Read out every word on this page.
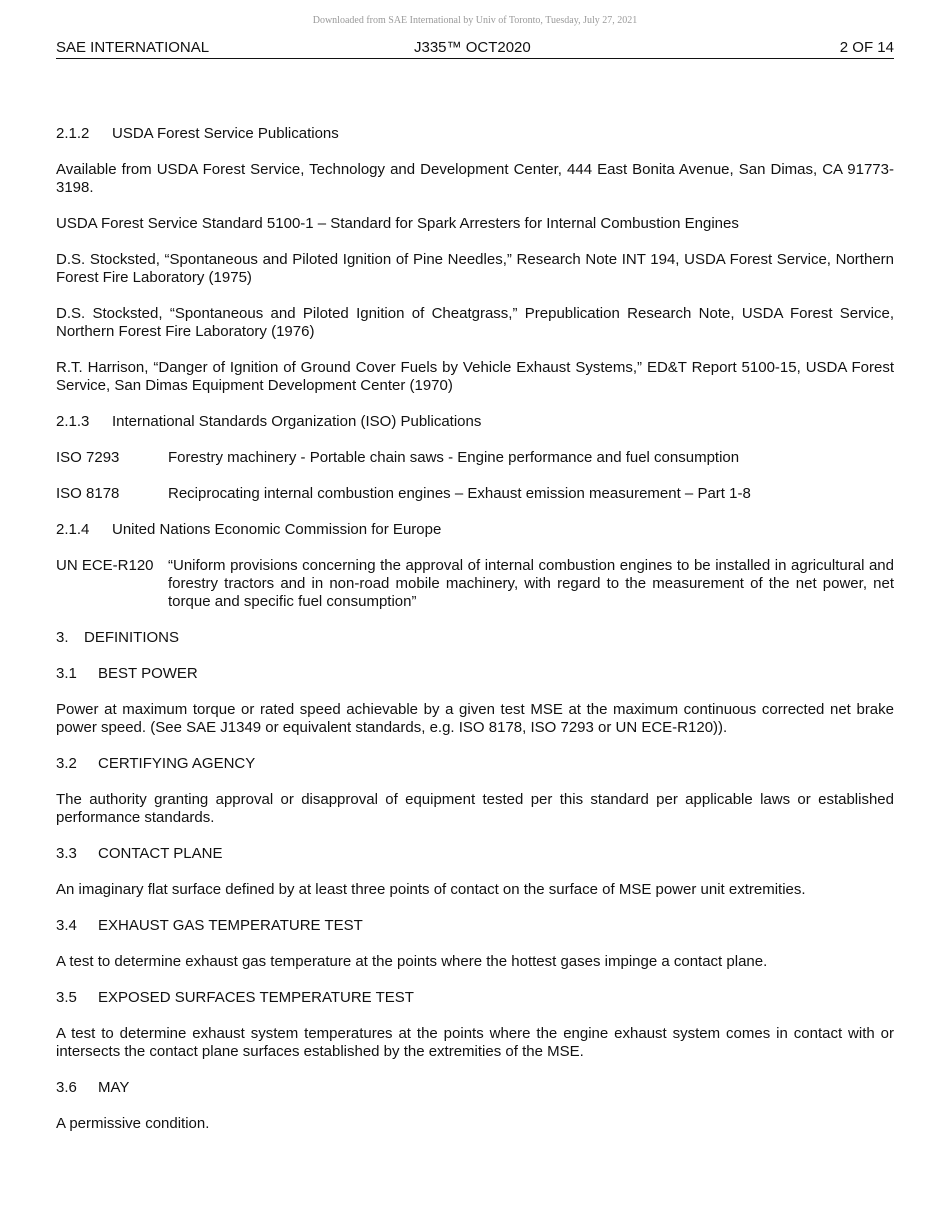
Downloaded from SAE International by Univ of Toronto, Tuesday, July 27, 2021
SAE INTERNATIONAL	J335™ OCT2020	2 OF 14
2.1.2 USDA Forest Service Publications

Available from USDA Forest Service, Technology and Development Center, 444 East Bonita Avenue, San Dimas, CA 91773-3198.

USDA Forest Service Standard 5100-1 – Standard for Spark Arresters for Internal Combustion Engines

D.S. Stocksted, “Spontaneous and Piloted Ignition of Pine Needles,” Research Note INT 194, USDA Forest Service, Northern Forest Fire Laboratory (1975)

D.S. Stocksted, “Spontaneous and Piloted Ignition of Cheatgrass,” Prepublication Research Note, USDA Forest Service, Northern Forest Fire Laboratory (1976)

R.T. Harrison, “Danger of Ignition of Ground Cover Fuels by Vehicle Exhaust Systems,” ED&T Report 5100-15, USDA Forest Service, San Dimas Equipment Development Center (1970)

2.1.3 International Standards Organization (ISO) Publications
ISO 7293	Forestry machinery - Portable chain saws - Engine performance and fuel consumption
ISO 8178	Reciprocating internal combustion engines – Exhaust emission measurement – Part 1-8
2.1.4 United Nations Economic Commission for Europe
UN ECE-R120 “Uniform provisions concerning the approval of internal combustion engines to be installed in agricultural and forestry tractors and in non-road mobile machinery, with regard to the measurement of the net power, net torque and specific fuel consumption”
3. DEFINITIONS
3.1 BEST POWER

Power at maximum torque or rated speed achievable by a given test MSE at the maximum continuous corrected net brake power speed. (See SAE J1349 or equivalent standards, e.g. ISO 8178, ISO 7293 or UN ECE-R120)).

3.2 CERTIFYING AGENCY

The authority granting approval or disapproval of equipment tested per this standard per applicable laws or established performance standards.

3.3 CONTACT PLANE

An imaginary flat surface defined by at least three points of contact on the surface of MSE power unit extremities.

3.4 EXHAUST GAS TEMPERATURE TEST

A test to determine exhaust gas temperature at the points where the hottest gases impinge a contact plane.

3.5 EXPOSED SURFACES TEMPERATURE TEST

A test to determine exhaust system temperatures at the points where the engine exhaust system comes in contact with or intersects the contact plane surfaces established by the extremities of the MSE.

3.6 MAY

A permissive condition.
